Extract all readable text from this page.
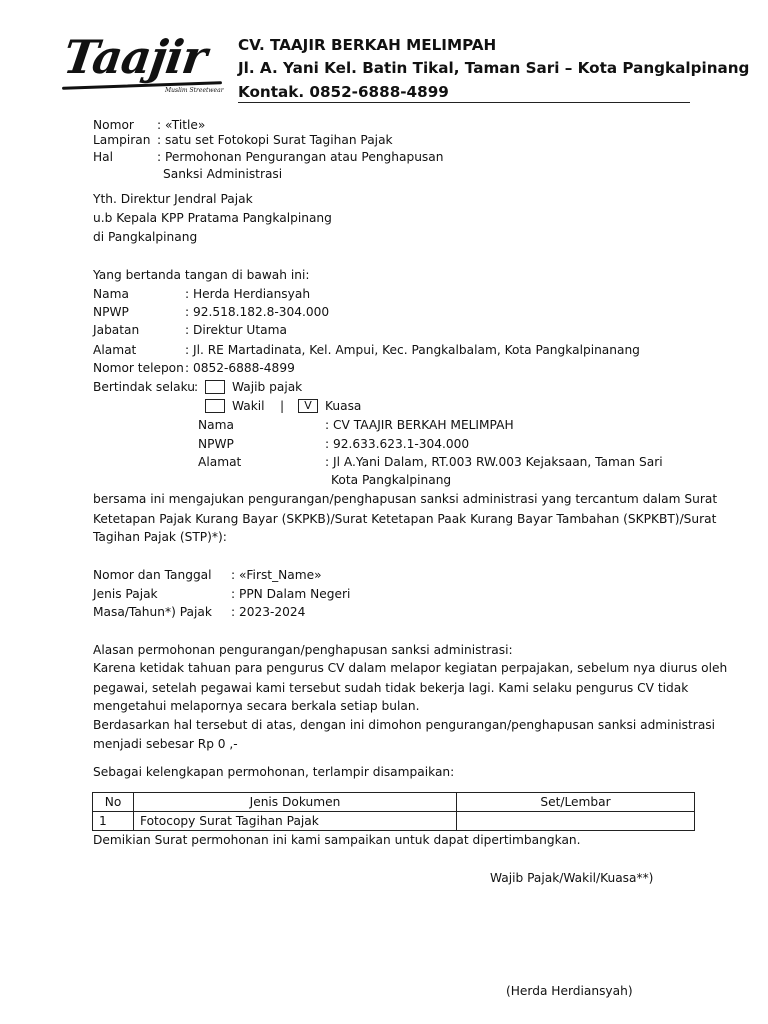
Taajir
Muslim Streetwear
CV. TAAJIR BERKAH MELIMPAH
Jl. A. Yani Kel. Batin Tikal, Taman Sari – Kota Pangkalpinang
Kontak. 0852-6888-4899
Nomor : «Title»
Lampiran : satu set Fotokopi Surat Tagihan Pajak
Hal	: Permohonan Pengurangan atau Penghapusan
Sanksi Administrasi
Yth. Direktur Jendral Pajak
u.b Kepala KPP Pratama Pangkalpinang
di Pangkalpinang
Yang bertanda tangan di bawah ini:
Nama	: Herda Herdiansyah
NPWP	: 92.518.182.8-304.000
Jabatan	: Direktur Utama
Alamat	: Jl. RE Martadinata, Kel. Ampui, Kec. Pangkalbalam, Kota Pangkalpinanang
Nomor telepon : 0852-6888-4899
Bertindak selaku
:	Wajib pajak
Wakil |	V	Kuasa
Nama	: CV TAAJIR BERKAH MELIMPAH
NPWP	: 92.633.623.1-304.000
Alamat	: Jl A.Yani Dalam, RT.003 RW.003 Kejaksaan, Taman Sari
Kota Pangkalpinang
bersama ini mengajukan pengurangan/penghapusan sanksi administrasi yang tercantum dalam Surat
Ketetapan Pajak Kurang Bayar (SKPKB)/Surat Ketetapan Paak Kurang Bayar Tambahan (SKPKBT)/Surat
Tagihan Pajak (STP)*):
Nomor dan Tanggal : «First_Name»
Jenis Pajak	: PPN Dalam Negeri
Masa/Tahun*) Pajak : 2023-2024
Alasan permohonan pengurangan/penghapusan sanksi administrasi:
Karena ketidak tahuan para pengurus CV dalam melapor kegiatan perpajakan, sebelum nya diurus oleh
pegawai, setelah pegawai kami tersebut sudah tidak bekerja lagi. Kami selaku pengurus CV tidak
mengetahui melapornya secara berkala setiap bulan.
Berdasarkan hal tersebut di atas, dengan ini dimohon pengurangan/penghapusan sanksi administrasi
menjadi sebesar Rp 0 ,-
Sebagai kelengkapan permohonan, terlampir disampaikan:
No	Jenis Dokumen	Set/Lembar
1	Fotocopy Surat Tagihan Pajak	
Demikian Surat permohonan ini kami sampaikan untuk dapat dipertimbangkan.
Wajib Pajak/Wakil/Kuasa**)
(Herda Herdiansyah)
